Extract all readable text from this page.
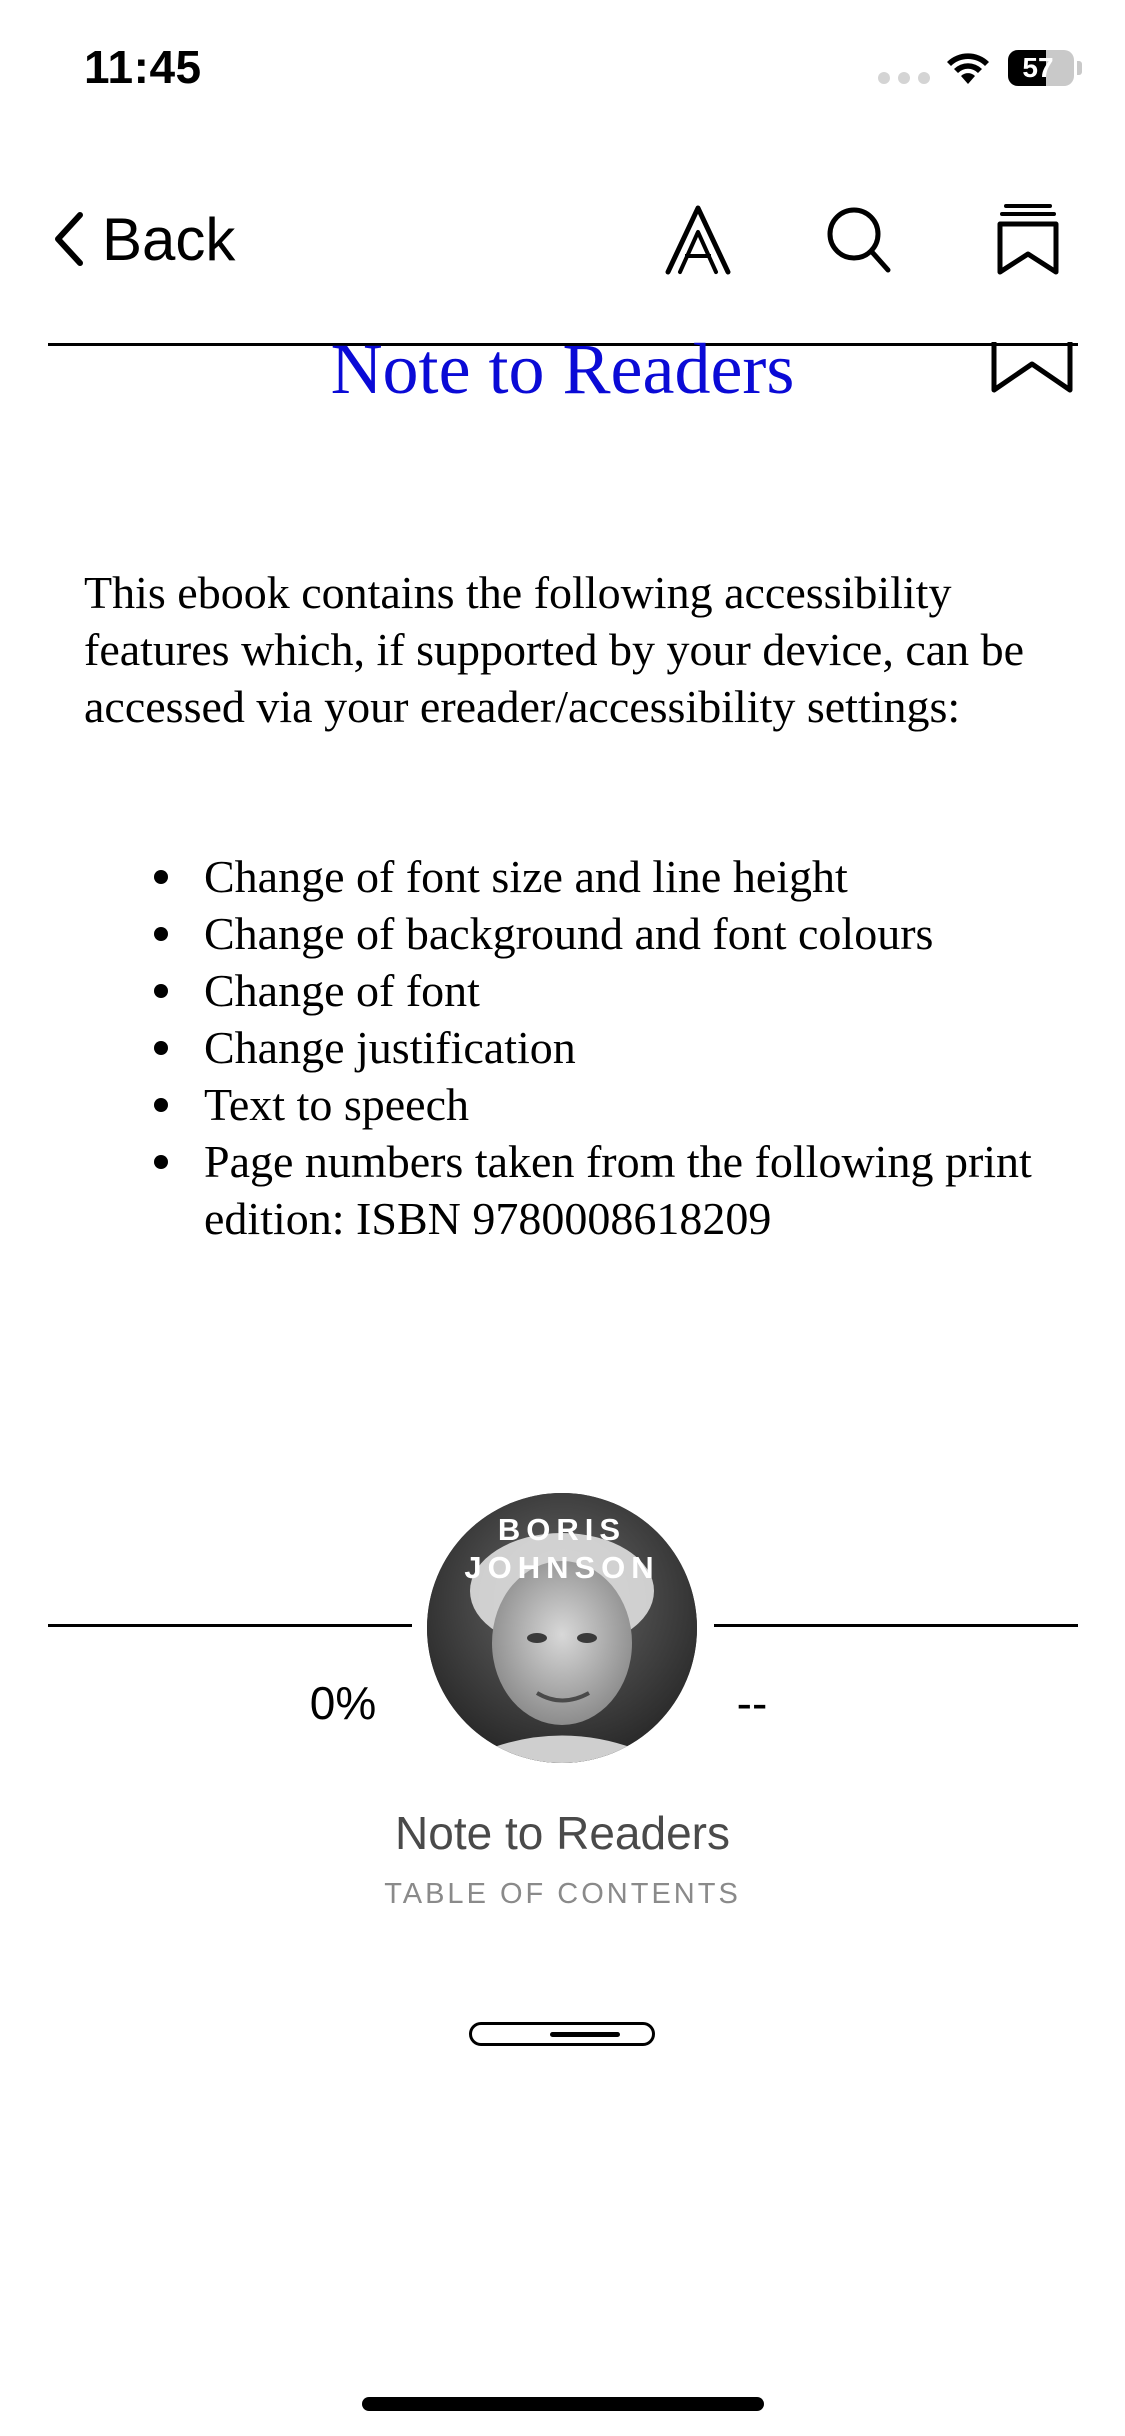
11:45	57
Back
Note to Readers

This ebook contains the following accessibility features which, if supported by your device, can be accessed via your ereader/accessibility settings:

Change of font size and line height
Change of background and font colours
Change of font
Change justification
Text to speech
Page numbers taken from the following print edition: ISBN 9780008618209
BORIS
JOHNSON
0%	--
Note to Readers
TABLE OF CONTENTS
